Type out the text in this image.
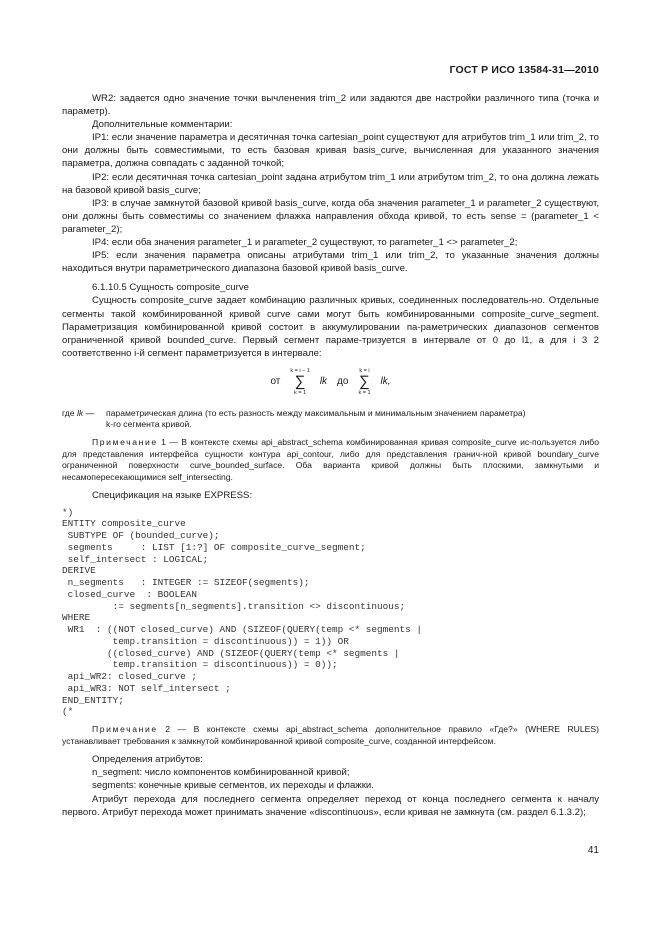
ГОСТ Р ИСО 13584-31—2010

WR2: задается одно значение точки вычленения trim_2 или задаются две настройки различного типа (точка и параметр).

Дополнительные комментарии:

IP1: если значение параметра и десятичная точка cartesian_point существуют для атрибутов trim_1 или trim_2, то они должны быть совместимыми, то есть базовая кривая basis_curve, вычисленная для указанного значения параметра, должна совпадать с заданной точкой;

IP2: если десятичная точка cartesian_point задана атрибутом trim_1 или атрибутом trim_2, то она должна лежать на базовой кривой basis_curve;

IP3: в случае замкнутой базовой кривой basis_curve, когда оба значения parameter_1 и parameter_2 существуют, они должны быть совместимы со значением флажка направления обхода кривой, то есть sense = (parameter_1 < parameter_2);

IP4: если оба значения parameter_1 и parameter_2 существуют, то parameter_1 <> parameter_2;

IP5: если значения параметра описаны атрибутами trim_1 или trim_2, то указанные значения должны находиться внутри параметрического диапазона базовой кривой basis_curve.

6.1.10.5 Сущность composite_curve

Сущность composite_curve задает комбинацию различных кривых, соединенных последователь-но. Отдельные сегменты такой комбинированной кривой curve сами могут быть комбинированными composite_curve_segment. Параметризация комбинированной кривой состоит в аккумулировании па-раметрических диапазонов сегментов ограниченной кривой bounded_curve. Первый сегмент параме-тризуется в интервале от 0 до l1, а для i 3 2 соответственно i-й сегмент параметризуется в интервале:

от
k = i – 1
∑
k = 1
lk до
k = i
∑
k = 1
lk,
где lk —	параметрическая длина (то есть разность между максимальным и минимальным значением параметра)
k-го сегмента кривой.

Примечание 1 — В контексте схемы api_abstract_schema комбинированная кривая composite_curve ис-пользуется либо для представления интерфейса сущности контура api_contour, либо для представления гранич-ной кривой boundary_curve ограниченной поверхности curve_bounded_surface. Оба варианта кривой должны быть плоскими, замкнутыми и несамопересекающимися self_intersecting.

Спецификация на языке EXPRESS:

*)
ENTITY composite_curve
SUBTYPE OF (bounded_curve);
segments     : LIST [1:?] OF composite_curve_segment;
self_intersect : LOGICAL;
DERIVE
n_segments   : INTEGER := SIZEOF(segments);
closed_curve  : BOOLEAN
:= segments[n_segments].transition <> discontinuous;
WHERE
WR1  : ((NOT closed_curve) AND (SIZEOF(QUERY(temp <* segments |
temp.transition = discontinuous)) = 1)) OR
((closed_curve) AND (SIZEOF(QUERY(temp <* segments |
temp.transition = discontinuous)) = 0));
api_WR2: closed_curve ;
api_WR3: NOT self_intersect ;
END_ENTITY;
(*

Примечание 2 — В контексте схемы api_abstract_schema дополнительное правило «Где?» (WHERE RULES) устанавливает требования к замкнутой комбинированной кривой composite_curve, созданной интерфейсом.

Определения атрибутов:

n_segment: число компонентов комбинированной кривой;

segments: конечные кривые сегментов, их переходы и флажки.

Атрибут перехода для последнего сегмента определяет переход от конца последнего сегмента к началу первого. Атрибут перехода может принимать значение «discontinuous», если кривая не замкнута (см. раздел 6.1.3.2);

41
